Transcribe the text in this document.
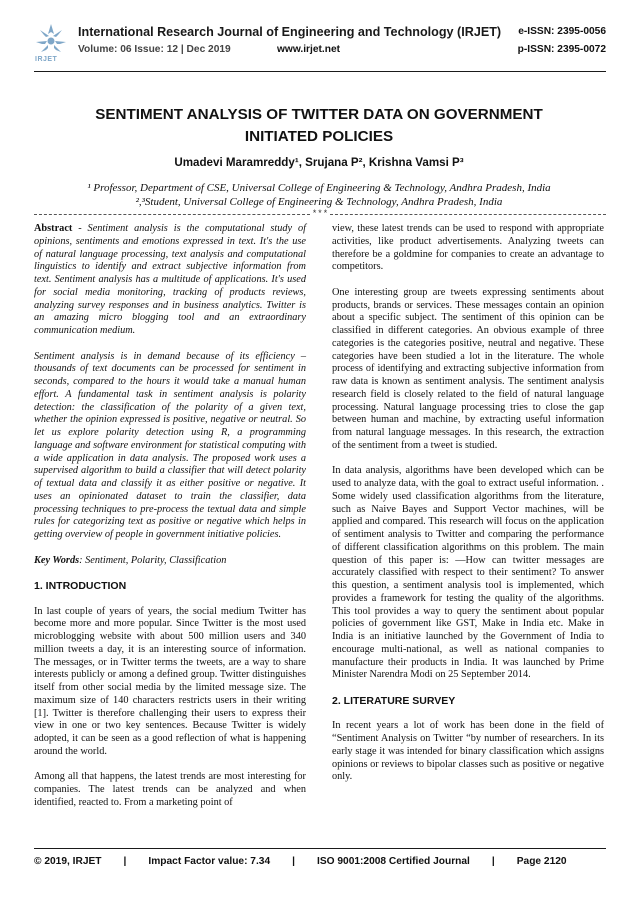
IRJET
International Research Journal of Engineering and Technology (IRJET) e-ISSN: 2395-0056
Volume: 06 Issue: 12 | Dec 2019	www.irjet.net	p-ISSN: 2395-0072
SENTIMENT ANALYSIS OF TWITTER DATA ON GOVERNMENT
INITIATED POLICIES
Umadevi Maramreddy¹, Srujana P², Krishna Vamsi P³
¹ Professor, Department of CSE, Universal College of Engineering & Technology, Andhra Pradesh, India
²,³Student, Universal College of Engineering & Technology, Andhra Pradesh, India
***

Abstract - Sentiment analysis is the computational study of opinions, sentiments and emotions expressed in text. It's the use of natural language processing, text analysis and computational linguistics to identify and extract subjective information from text. Sentiment analysis has a multitude of applications. It's used for social media monitoring, tracking of products reviews, analyzing survey responses and in business analytics. Twitter is an amazing micro blogging tool and an extraordinary communication medium.

Sentiment analysis is in demand because of its efficiency – thousands of text documents can be processed for sentiment in seconds, compared to the hours it would take a manual human effort. A fundamental task in sentiment analysis is polarity detection: the classification of the polarity of a given text, whether the opinion expressed is positive, negative or neutral. So let us explore polarity detection using R, a programming language and software environment for statistical computing with a wide application in data analysis. The proposed work uses a supervised algorithm to build a classifier that will detect polarity of textual data and classify it as either positive or negative. It uses an opinionated dataset to train the classifier, data processing techniques to pre-process the textual data and simple rules for categorizing text as positive or negative which helps in getting overview of people in government initiative policies.

Key Words: Sentiment, Polarity, Classification

1. INTRODUCTION

In last couple of years of years, the social medium Twitter has become more and more popular. Since Twitter is the most used microblogging website with about 500 million users and 340 million tweets a day, it is an interesting source of information. The messages, or in Twitter terms the tweets, are a way to share interests publicly or among a defined group. Twitter distinguishes itself from other social media by the limited message size. The maximum size of 140 characters restricts users in their writing [1]. Twitter is therefore challenging their users to express their view in one or two key sentences. Because Twitter is widely adopted, it can be seen as a good reflection of what is happening around the world.

Among all that happens, the latest trends are most interesting for companies. The latest trends can be analyzed and when identified, reacted to. From a marketing point of

view, these latest trends can be used to respond with appropriate activities, like product advertisements. Analyzing tweets can therefore be a goldmine for companies to create an advantage to competitors.

One interesting group are tweets expressing sentiments about products, brands or services. These messages contain an opinion about a specific subject. The sentiment of this opinion can be classified in different categories. An obvious example of three categories is the categories positive, neutral and negative. These categories have been studied a lot in the literature. The whole process of identifying and extracting subjective information from raw data is known as sentiment analysis. The sentiment analysis research field is closely related to the field of natural language processing. Natural language processing tries to close the gap between human and machine, by extracting useful information from natural language messages. In this research, the extraction of the sentiment from a tweet is studied.

In data analysis, algorithms have been developed which can be used to analyze data, with the goal to extract useful information. . Some widely used classification algorithms from the literature, such as Naive Bayes and Support Vector machines, will be applied and compared. This research will focus on the application of sentiment analysis to Twitter and comparing the performance of different classification algorithms on this problem. The main question of this paper is: —How can twitter messages are accurately classified with respect to their sentiment? To answer this question, a sentiment analysis tool is implemented, which provides a framework for testing the quality of the algorithms. This tool provides a way to query the sentiment about popular policies of government like GST, Make in India etc. Make in India is an initiative launched by the Government of India to encourage multi-national, as well as national companies to manufacture their products in India. It was launched by Prime Minister Narendra Modi on 25 September 2014.

2. LITERATURE SURVEY

In recent years a lot of work has been done in the field of “Sentiment Analysis on Twitter “by number of researchers. In its early stage it was intended for binary classification which assigns opinions or reviews to bipolar classes such as positive or negative only.

© 2019, IRJET	|	Impact Factor value: 7.34	|	ISO 9001:2008 Certified Journal	|	Page 2120
